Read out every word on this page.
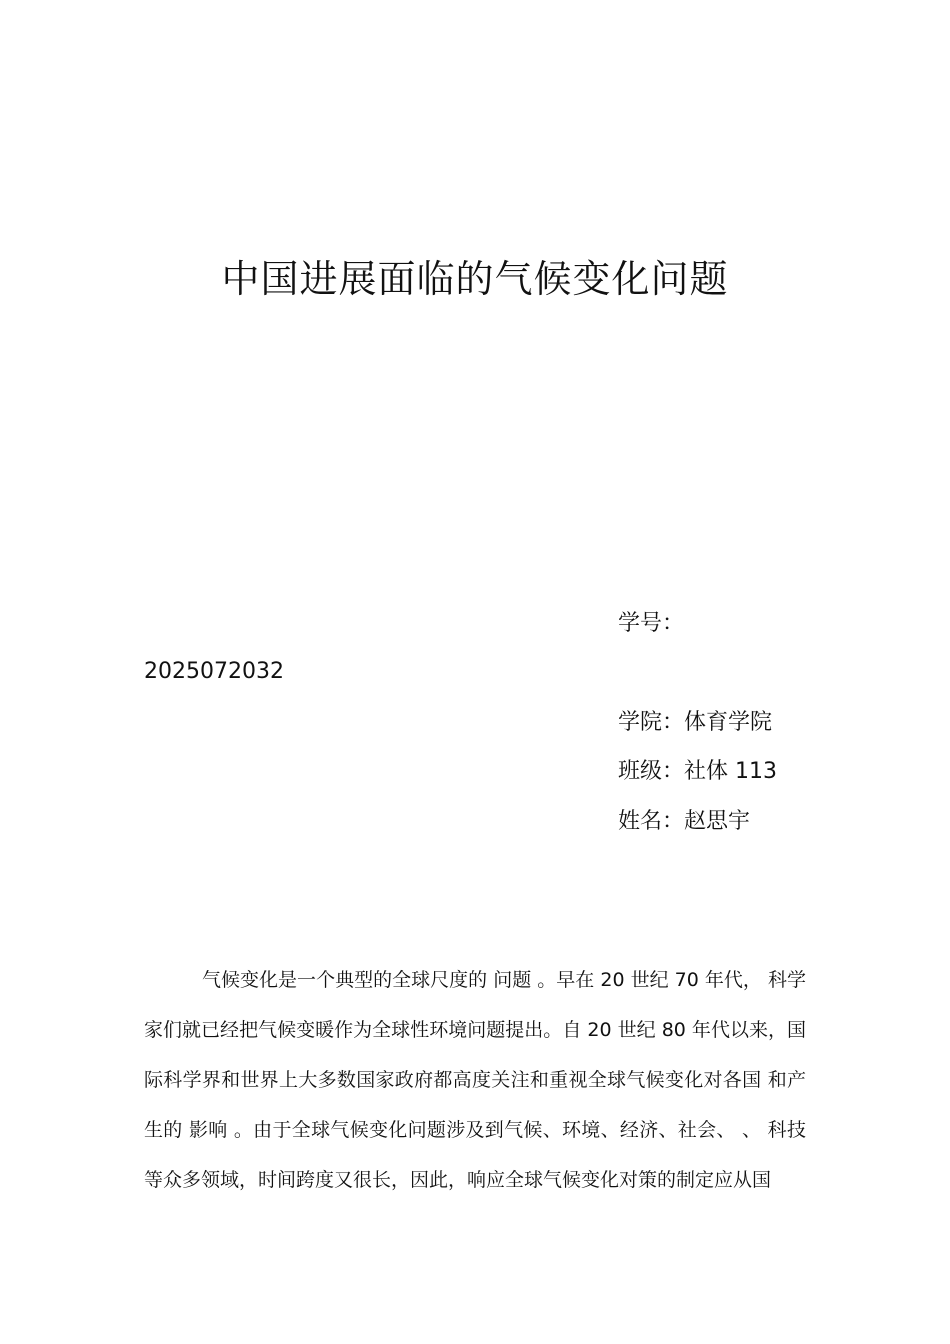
中国进展面临的气候变化问题
学号：
2025072032
学院：体育学院
班级：社体 113
姓名：赵思宇

气候变化是一个典型的全球尺度的 问题 。早在 20 世纪 70 年代， 科学家们就已经把气候变暖作为全球性环境问题提出。自 20 世纪 80 年代以来，国际科学界和世界上大多数国家政府都高度关注和重视全球气候变化对各国 和产生的 影响 。由于全球气候变化问题涉及到气候、环境、经济、社会、 、 科技 等众多领域，时间跨度又很长，因此，响应全球气候变化对策的制定应从国
